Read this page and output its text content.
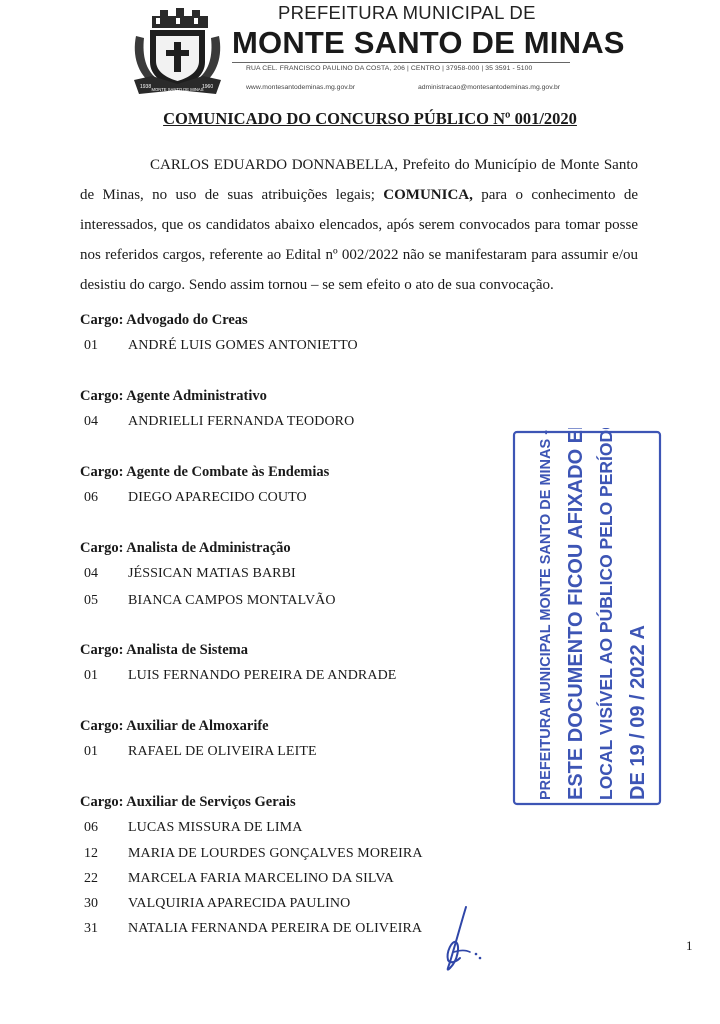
1938	1960
MONTE SANTO DE MINAS
PREFEITURA MUNICIPAL DE
MONTE SANTO DE MINAS
RUA CEL. FRANCISCO PAULINO DA COSTA, 206 | CENTRO | 37958-000 | 35 3591 - 5100
www.montesantodeminas.mg.gov.br	administracao@montesantodeminas.mg.gov.br
COMUNICADO DO CONCURSO PÚBLICO Nº 001/2020
CARLOS EDUARDO DONNABELLA, Prefeito do Município de Monte Santo de Minas, no uso de suas atribuições legais; COMUNICA, para o conhecimento de interessados, que os candidatos abaixo elencados, após serem convocados para tomar posse nos referidos cargos, referente ao Edital nº 002/2022 não se manifestaram para assumir e/ou desistiu do cargo. Sendo assim tornou – se sem efeito o ato de sua convocação.
Cargo: Advogado do Creas
01 ANDRÉ LUIS GOMES ANTONIETTO
Cargo: Agente Administrativo
04 ANDRIELLI FERNANDA TEODORO
Cargo: Agente de Combate às Endemias
06 DIEGO APARECIDO COUTO
Cargo: Analista de Administração
04 JÉSSICAN MATIAS BARBI
05 BIANCA CAMPOS MONTALVÃO
Cargo: Analista de Sistema
01 LUIS FERNANDO PEREIRA DE ANDRADE
Cargo: Auxiliar de Almoxarife
01 RAFAEL DE OLIVEIRA LEITE
Cargo: Auxiliar de Serviços Gerais
06 LUCAS MISSURA DE LIMA
12 MARIA DE LOURDES GONÇALVES MOREIRA
22 MARCELA FARIA MARCELINO DA SILVA
30 VALQUIRIA APARECIDA PAULINO
31 NATALIA FERNANDA PEREIRA DE OLIVEIRA
PREFEITURA MUNICIPAL MONTE SANTO DE MINAS - MG ESTE DOCUMENTO FICOU AFIXADO EM LOCAL VISÍVEL AO PÚBLICO PELO PERÍODO DE 19 / 09 / 2022 A
1
